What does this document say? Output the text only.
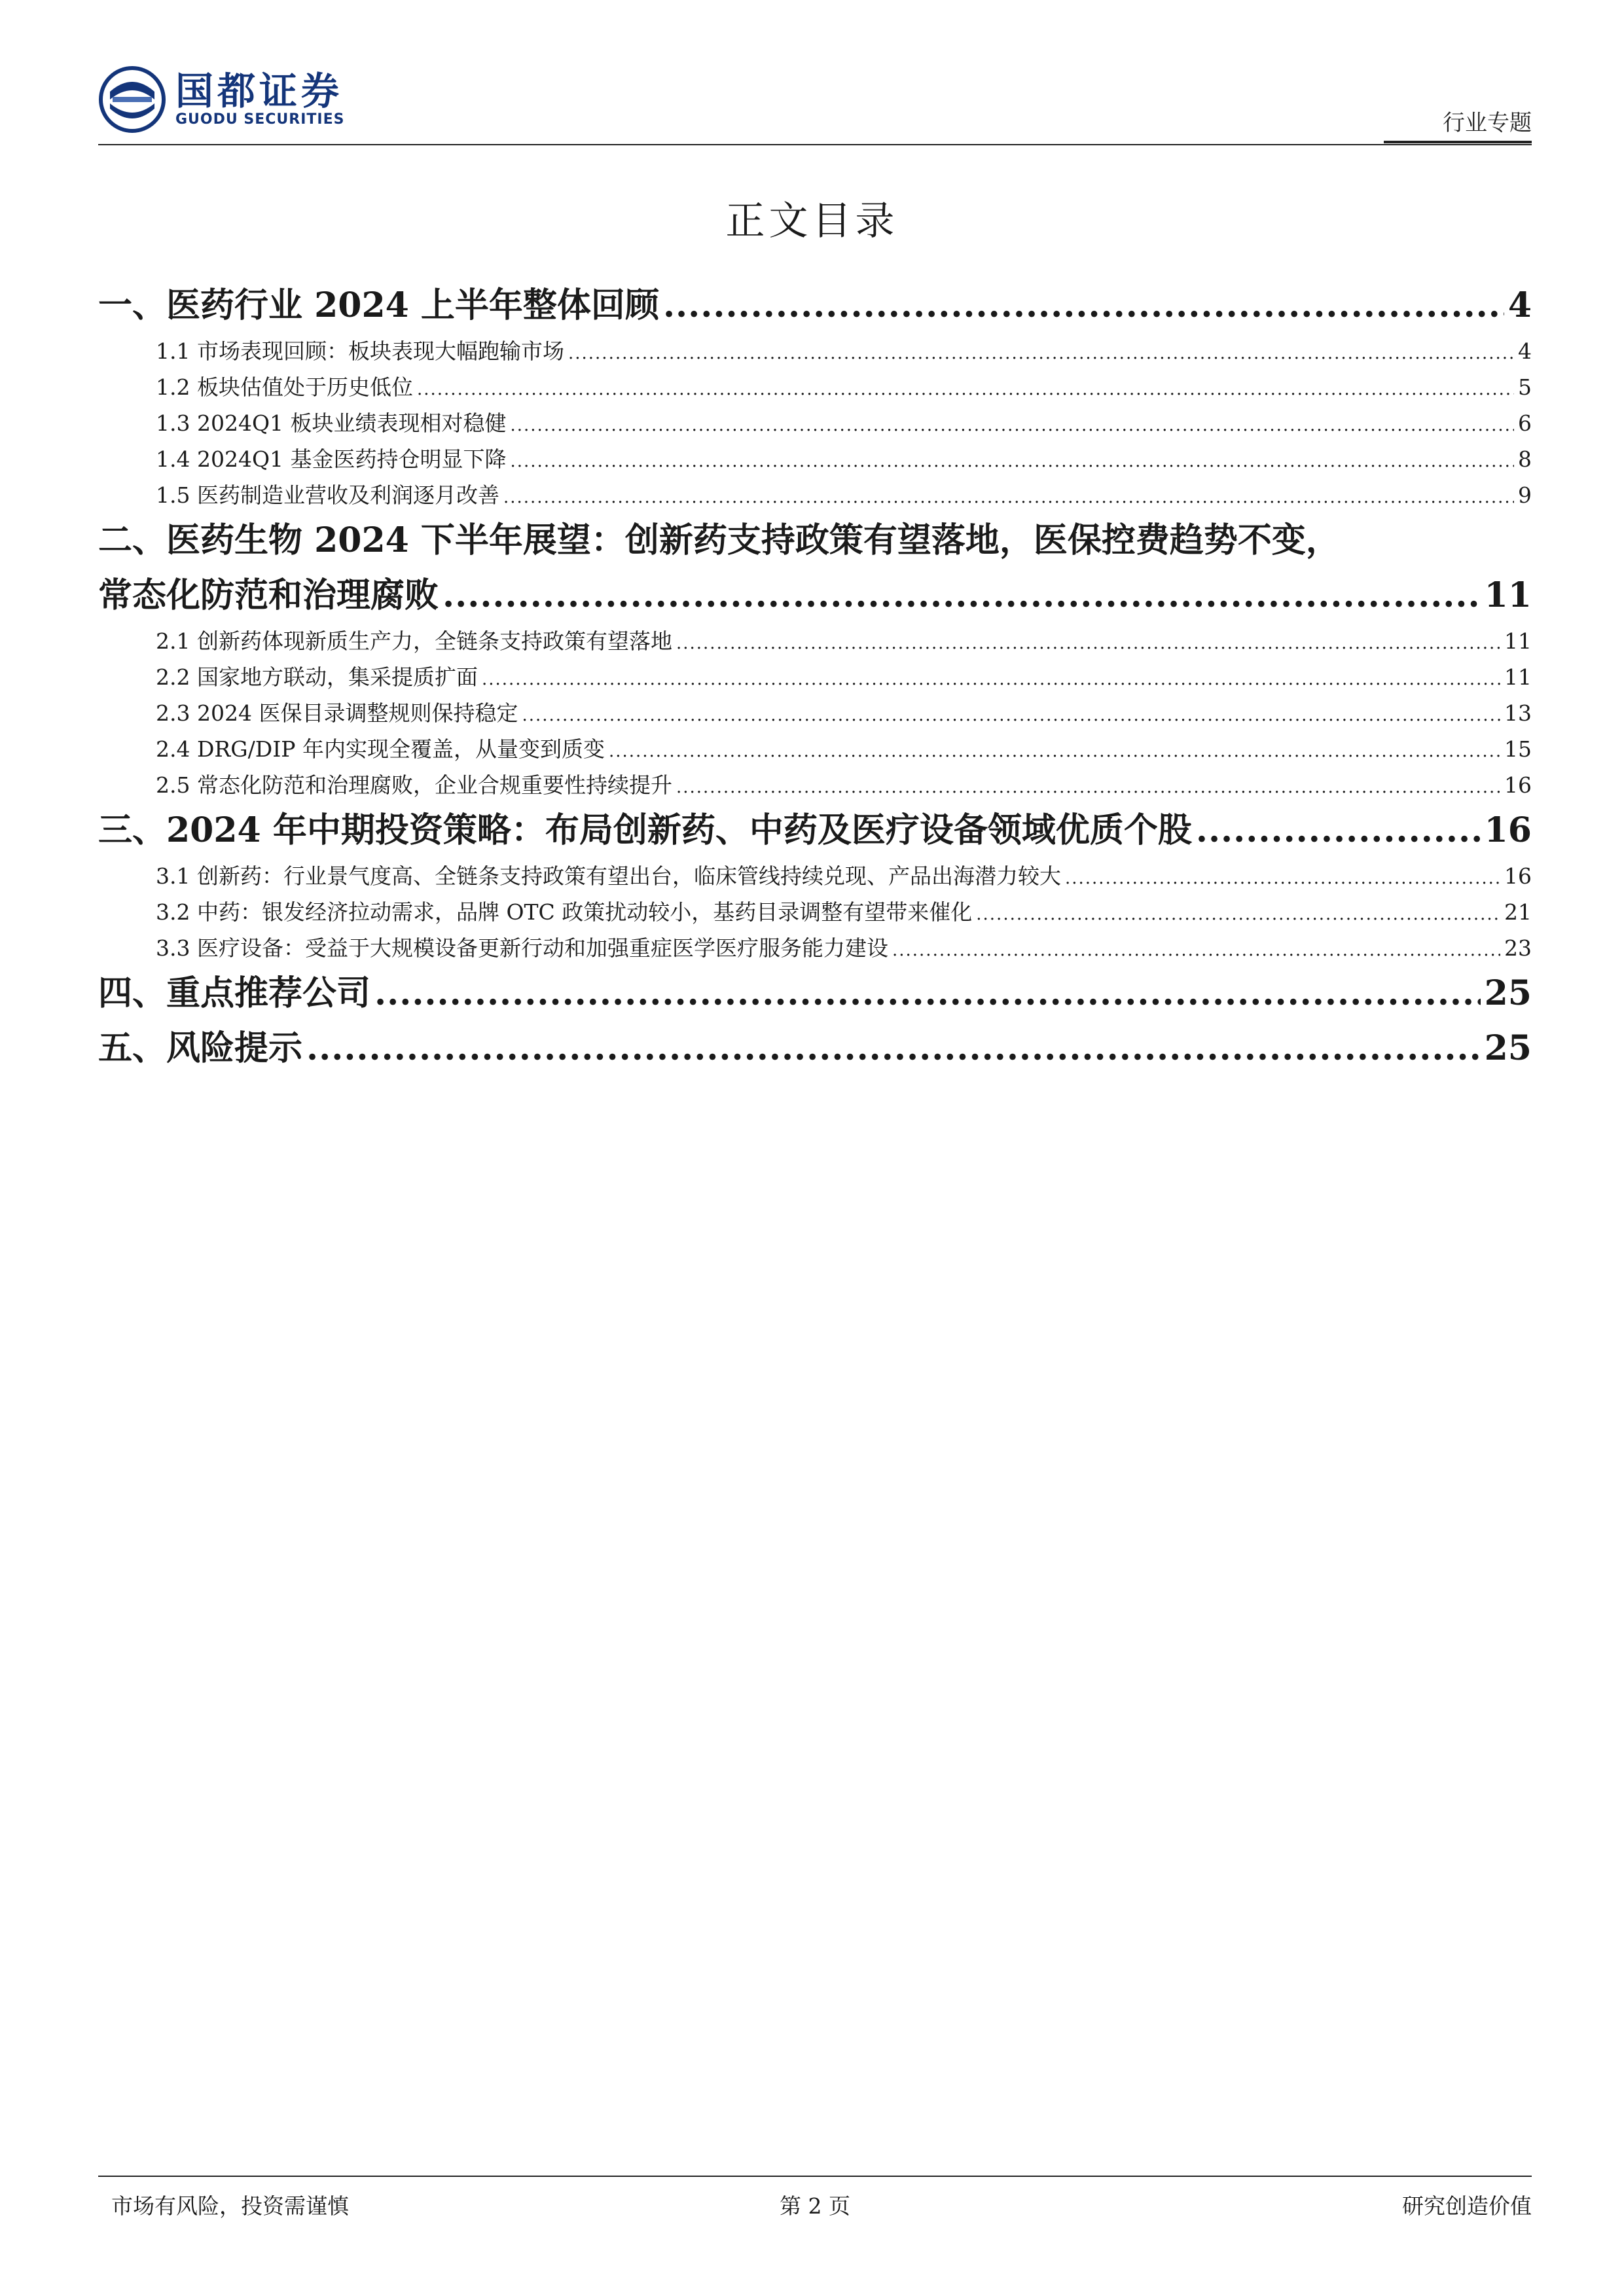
国都证券
GUODU SECURITIES	行业专题
正文目录
一、医药行业 2024 上半年整体回顾 .....	4
1.1 市场表现回顾：板块表现大幅跑输市场 .....	4
1.2 板块估值处于历史低位 .....	5
1.3 2024Q1 板块业绩表现相对稳健 .....	6
1.4 2024Q1 基金医药持仓明显下降 .....	8
1.5 医药制造业营收及利润逐月改善 .....	9
二、医药生物 2024 下半年展望：创新药支持政策有望落地，医保控费趋势不变，
常态化防范和治理腐败 .....	11
2.1 创新药体现新质生产力，全链条支持政策有望落地 .....	11
2.2 国家地方联动，集采提质扩面 .....	11
2.3 2024 医保目录调整规则保持稳定 .....	13
2.4 DRG/DIP 年内实现全覆盖，从量变到质变 .....	15
2.5 常态化防范和治理腐败，企业合规重要性持续提升 .....	16
三、2024 年中期投资策略：布局创新药、中药及医疗设备领域优质个股 .....	16
3.1 创新药：行业景气度高、全链条支持政策有望出台，临床管线持续兑现、产品出海潜力较大 .....	16
3.2 中药：银发经济拉动需求，品牌 OTC 政策扰动较小，基药目录调整有望带来催化 .....	21
3.3 医疗设备：受益于大规模设备更新行动和加强重症医学医疗服务能力建设 .....	23
四、重点推荐公司 .....	25
五、风险提示 .....	25
市场有风险，投资需谨慎	第 2 页	研究创造价值
